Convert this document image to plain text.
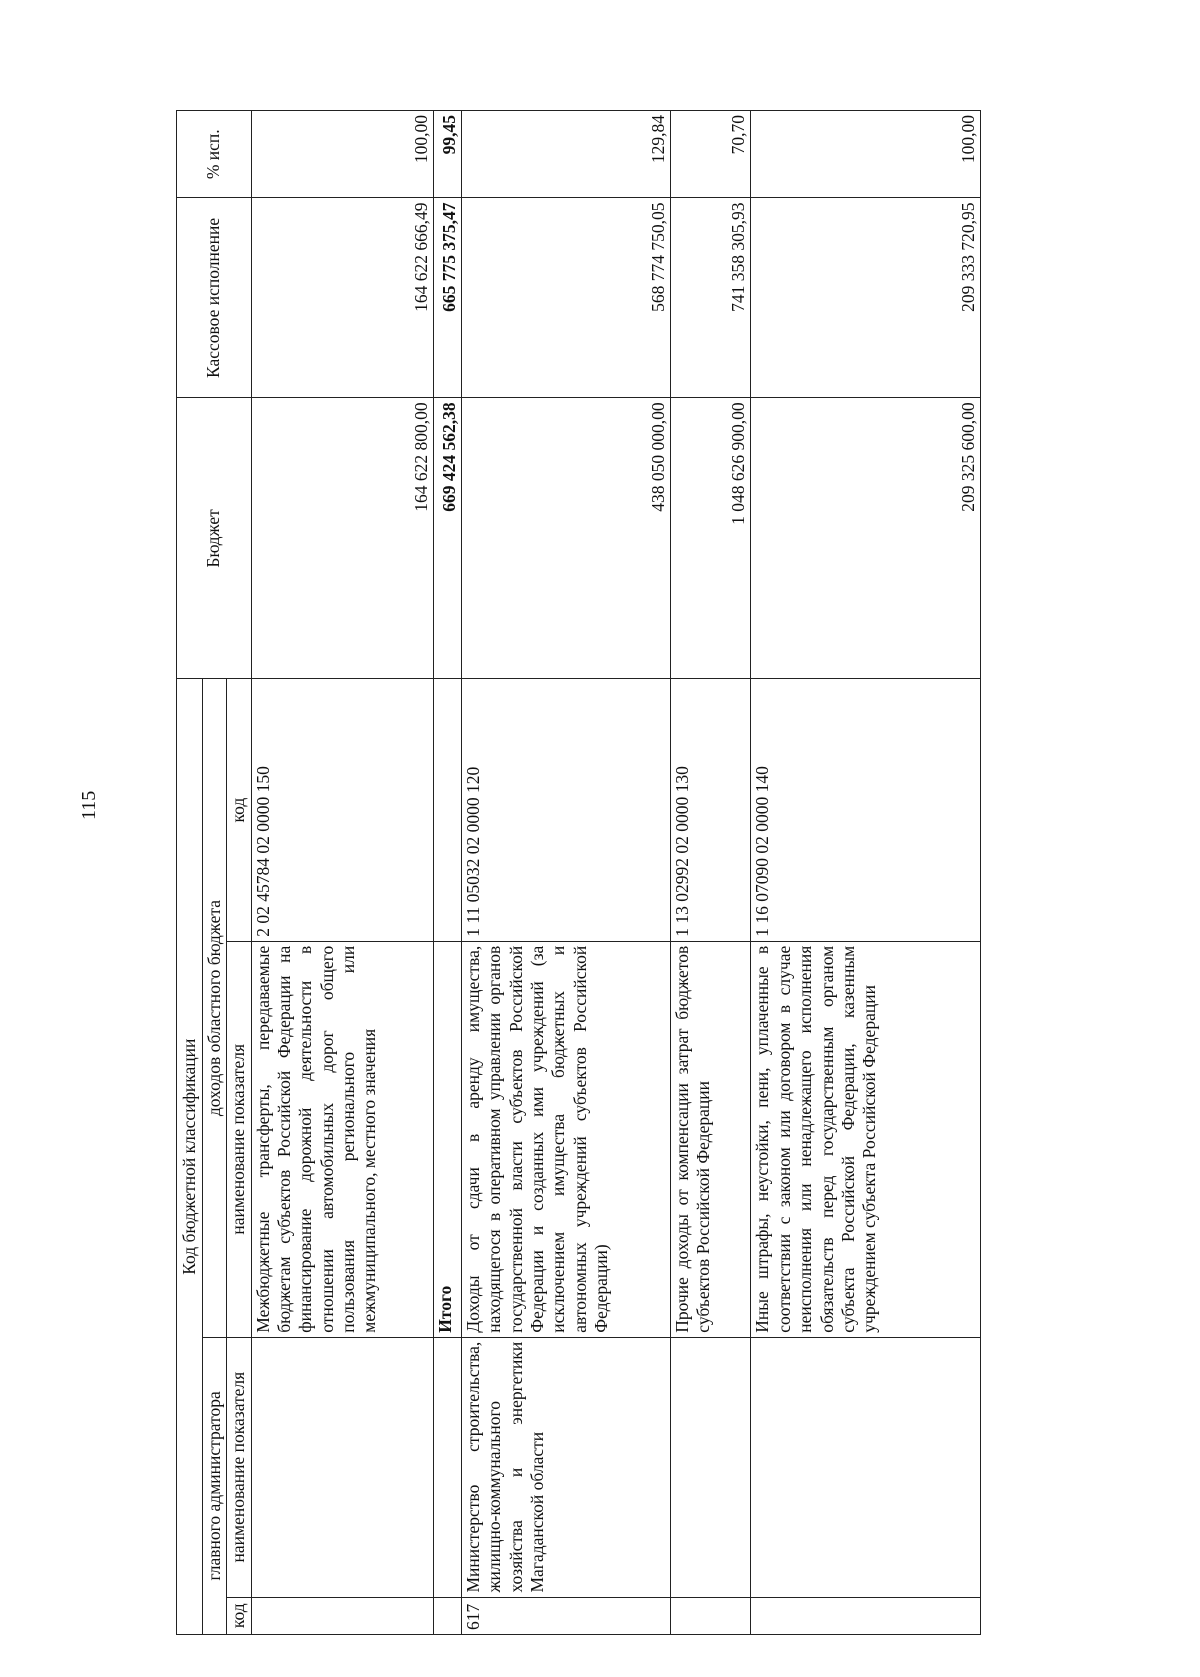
115
Код бюджетной классификации				Бюджет	Кассовое исполнение	% исп.
главного администратора		доходов областного бюджета				
код	наименование показателя	наименование показателя	код			
		Межбюджетные трансферты, передаваемые бюджетам субъектов Российской Федерации на финансирование дорожной деятельности в отношении автомобильных дорог общего пользования регионального или межмуниципального, местного значения	2 02 45784 02 0000 150	164 622 800,00	164 622 666,49	100,00
		Итого		669 424 562,38	665 775 375,47	99,45
617	Министерство строительства, жилищно-коммунального хозяйства и энергетики Магаданской области	Доходы от сдачи в аренду имущества, находящегося в оперативном управлении органов государственной власти субъектов Российской Федерации и созданных ими учреждений (за исключением имущества бюджетных и автономных учреждений субъектов Российской Федерации)	1 11 05032 02 0000 120	438 050 000,00	568 774 750,05	129,84
		Прочие доходы от компенсации затрат бюджетов субъектов Российской Федерации	1 13 02992 02 0000 130	1 048 626 900,00	741 358 305,93	70,70
		Иные штрафы, неустойки, пени, уплаченные в соответствии с законом или договором в случае неисполнения или ненадлежащего исполнения обязательств перед государственным органом субъекта Российской Федерации, казенным учреждением субъекта Российской Федерации	1 16 07090 02 0000 140	209 325 600,00	209 333 720,95	100,00
